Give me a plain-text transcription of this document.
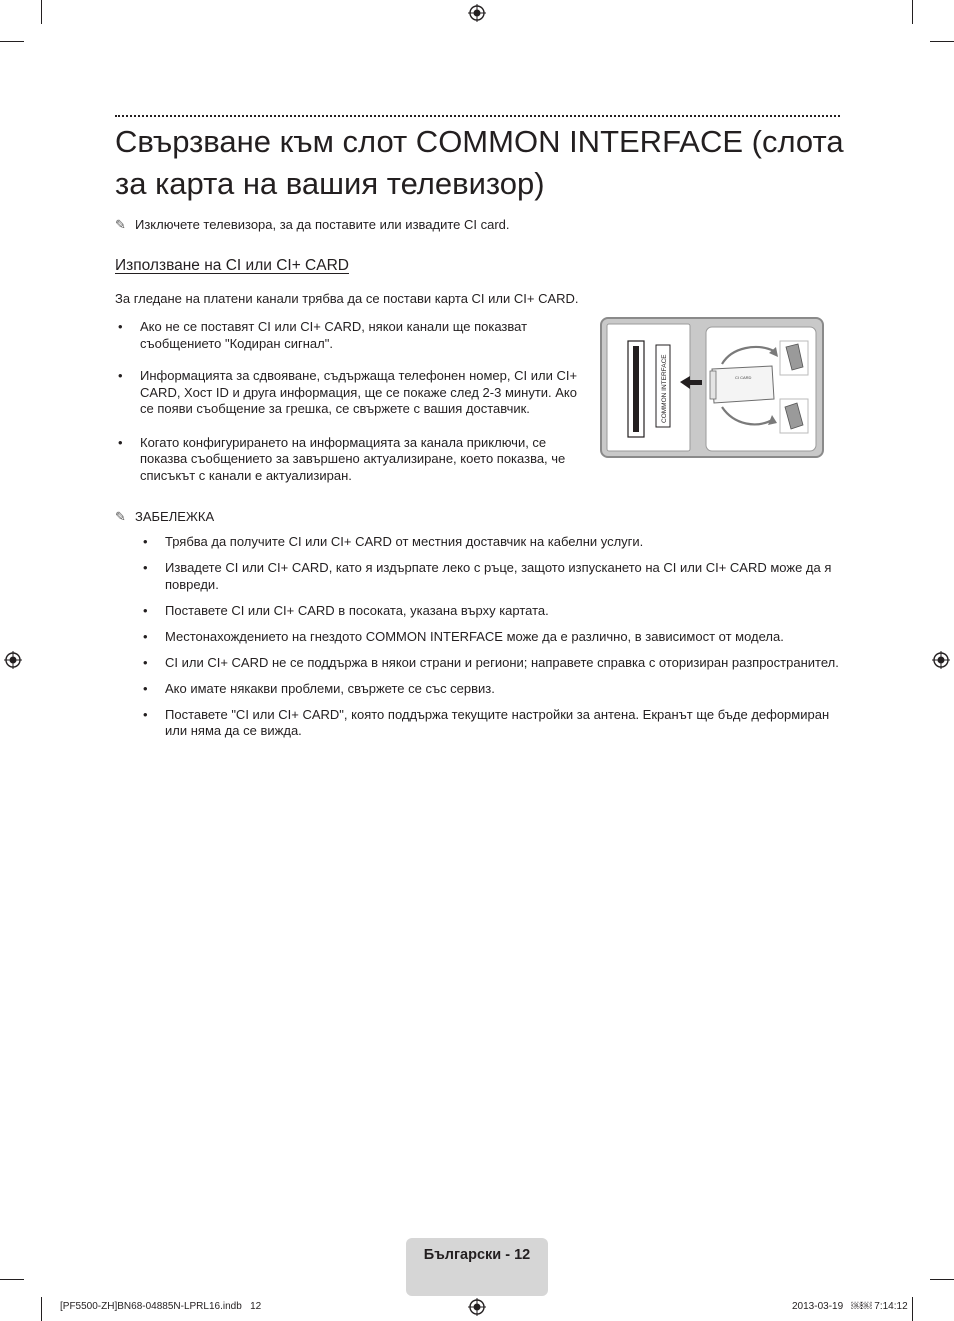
Свързване към слот COMMON INTERFACE (слота за карта на вашия телевизор)
✎ Изключете телевизора, за да поставите или извадите CI card.
Използване на CI или CI+ CARD
За гледане на платени канали трябва да се постави карта CI или CI+ CARD.
• Ако не се поставят CI или CI+ CARD, някои канали ще показват съобщението "Кодиран сигнал".
• Информацията за сдвояване, съдържаща телефонен номер, CI или CI+ CARD, Хост ID и друга информация, ще се покаже след 2-3 минути. Ако се появи съобщение за грешка, се свържете с вашия доставчик.
• Когато конфигурирането на информацията за канала приключи, се показва съобщението за завършено актуализиране, което показва, че списъкът с канали е актуализиран.
COMMON INTERFACE	CI CARD
✎ ЗАБЕЛЕЖКА
• Трябва да получите CI или CI+ CARD от местния доставчик на кабелни услуги.
• Извадете CI или CI+ CARD, като я издърпате леко с ръце, защото изпускането на CI или CI+ CARD може да я повреди.
• Поставете CI или CI+ CARD в посоката, указана върху картата.
• Местонахождението на гнездото COMMON INTERFACE може да е различно, в зависимост от модела.
• CI или CI+ CARD не се поддържа в някои страни и региони; направете справка с оторизиран разпространител.
• Ако имате някакви проблеми, свържете се със сервиз.
• Поставете "CI или CI+ CARD", която поддържа текущите настройки за антена. Екранът ще бъде деформиран или няма да се вижда.
Български - 12
[PF5500-ZH]BN68-04885N-LPRL16.indb   12	2013-03-19   ￼￼ 7:14:12
